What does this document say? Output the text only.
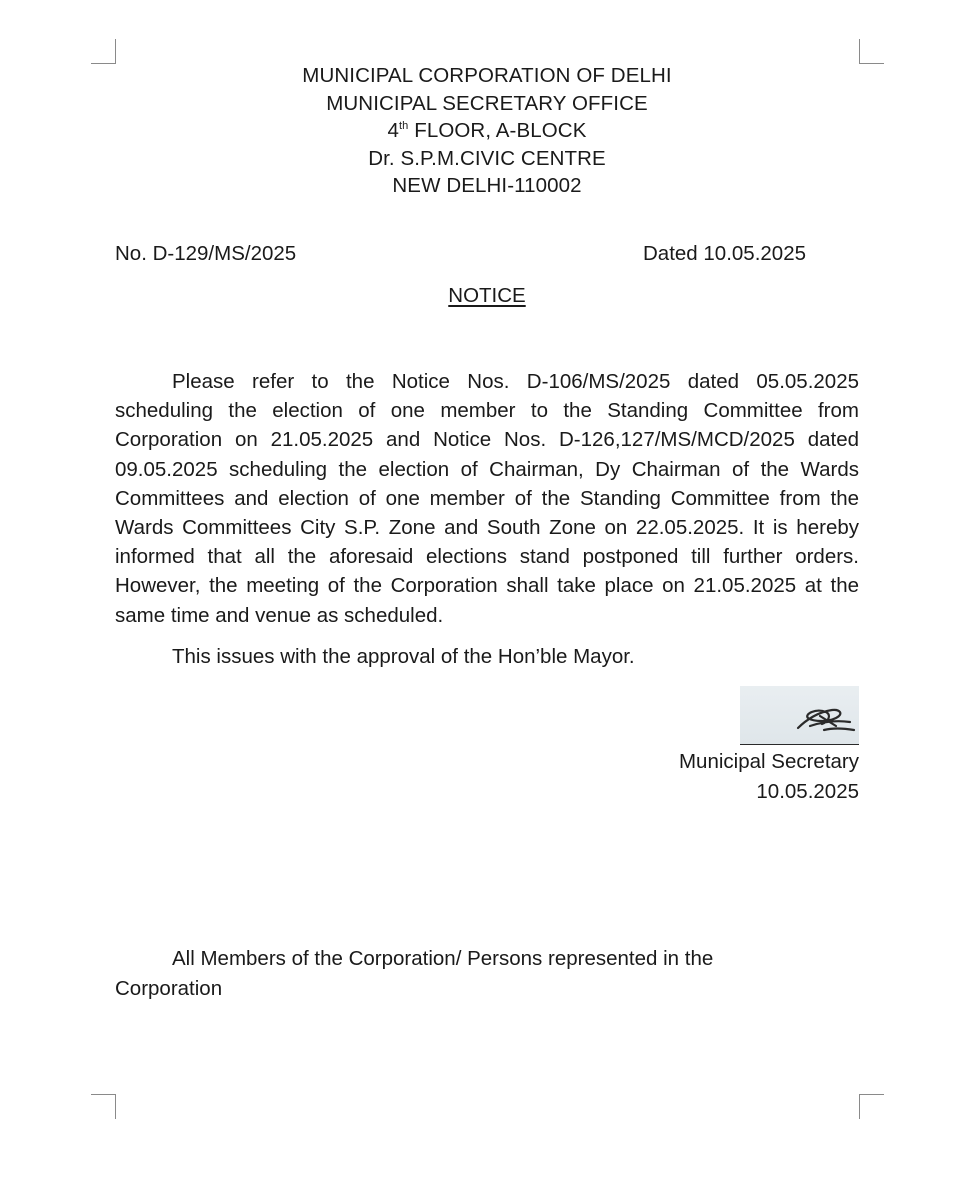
MUNICIPAL CORPORATION OF DELHI
MUNICIPAL SECRETARY OFFICE
4th FLOOR, A-BLOCK
Dr. S.P.M.CIVIC CENTRE
NEW DELHI-110002
No. D-129/MS/2025	Dated 10.05.2025
NOTICE

Please refer to the Notice Nos. D-106/MS/2025 dated 05.05.2025 scheduling the election of one member to the Standing Committee from Corporation on 21.05.2025 and Notice Nos. D-126,127/MS/MCD/2025 dated 09.05.2025 scheduling the election of Chairman, Dy Chairman of the Wards Committees and election of one member of the Standing Committee from the Wards Committees City S.P. Zone and South Zone on 22.05.2025. It is hereby informed that all the aforesaid elections stand postponed till further orders. However, the meeting of the Corporation shall take place on 21.05.2025 at the same time and venue as scheduled.

This issues with the approval of the Hon’ble Mayor.
Municipal Secretary
10.05.2025
All Members of the Corporation/ Persons represented in the
Corporation
